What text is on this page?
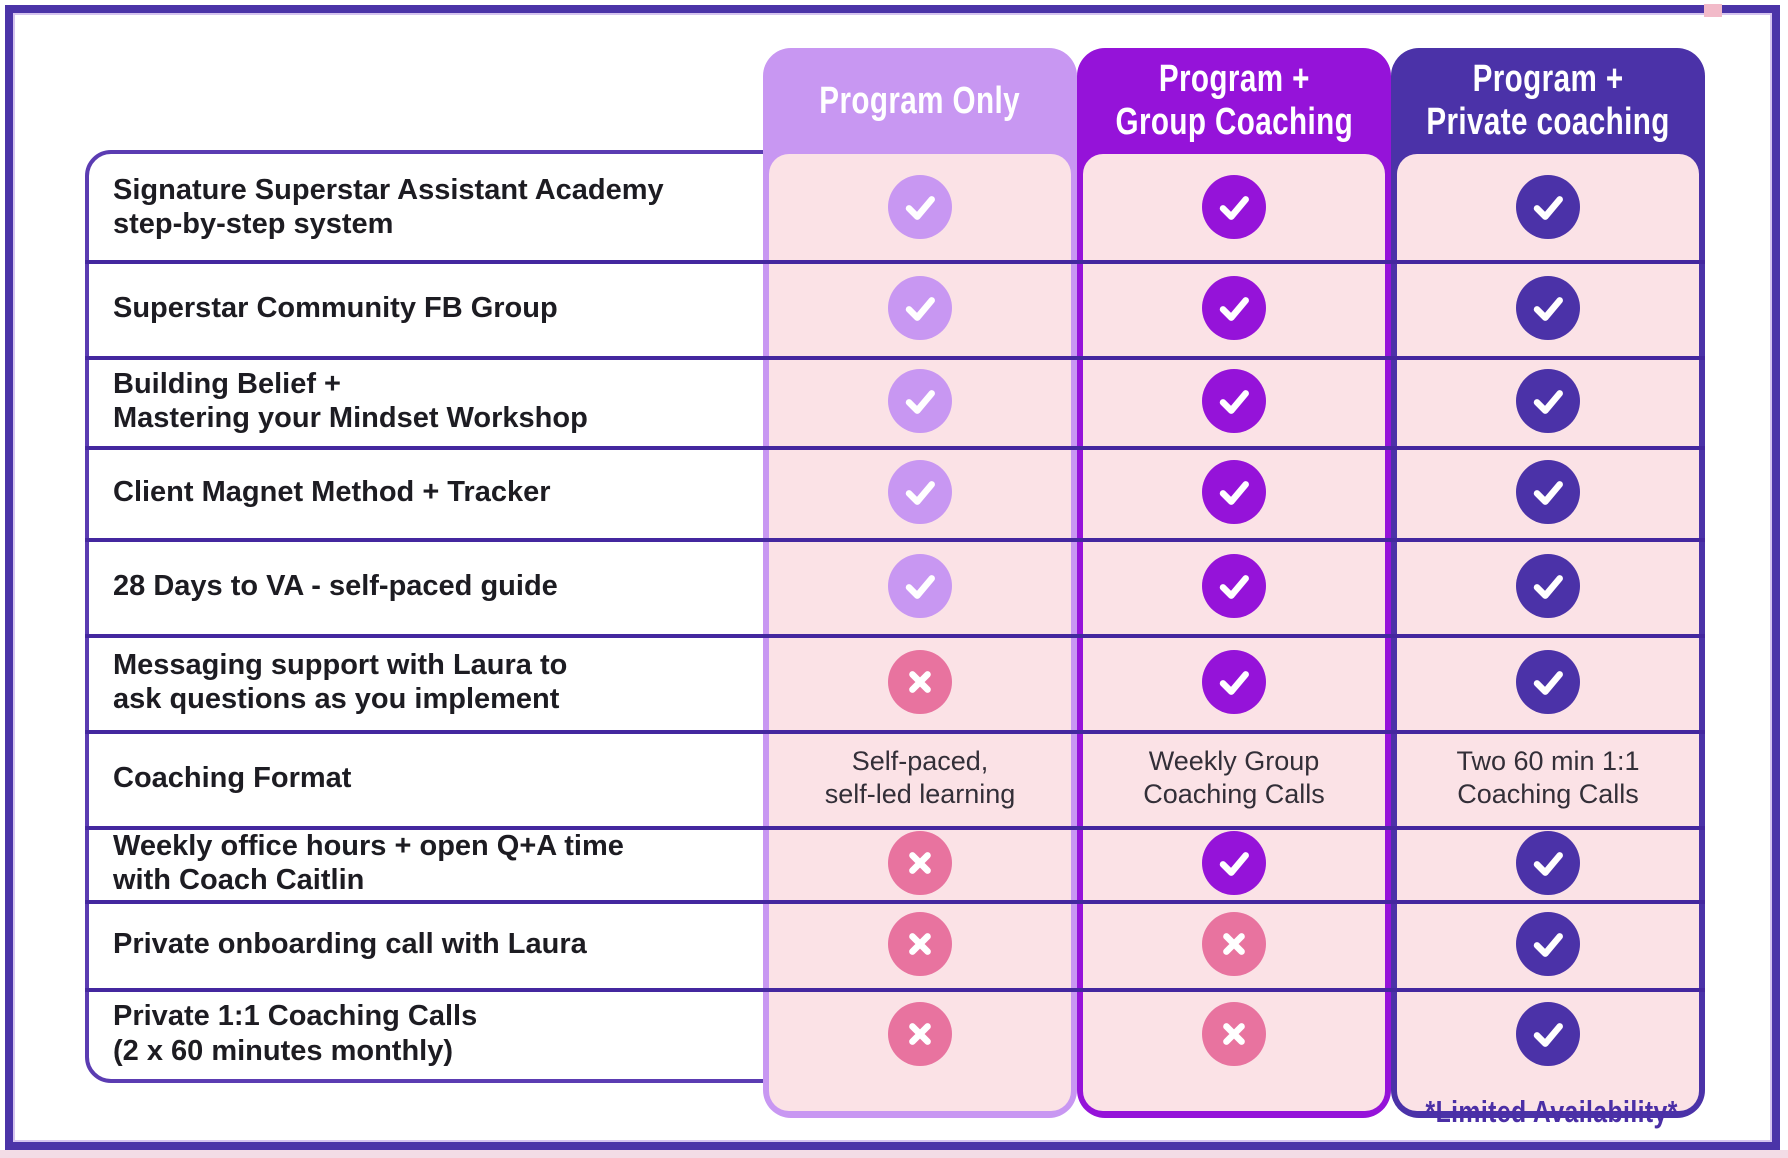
Signature Superstar Assistant Academy
step-by-step system
Superstar Community FB Group
Building Belief +
Mastering your Mindset Workshop
Client Magnet Method + Tracker
28 Days to VA - self-paced guide
Messaging support with Laura to
ask questions as you implement
Coaching Format
Weekly office hours + open Q+A time
with Coach Caitlin
Private onboarding call with Laura
Private 1:1 Coaching Calls
(2 x 60 minutes monthly)
Program Only
Self-paced,
self-led learning
Program +
Group Coaching
Weekly Group
Coaching Calls
Program +
Private coaching
Two 60 min 1:1
Coaching Calls
*Limited Availability*
